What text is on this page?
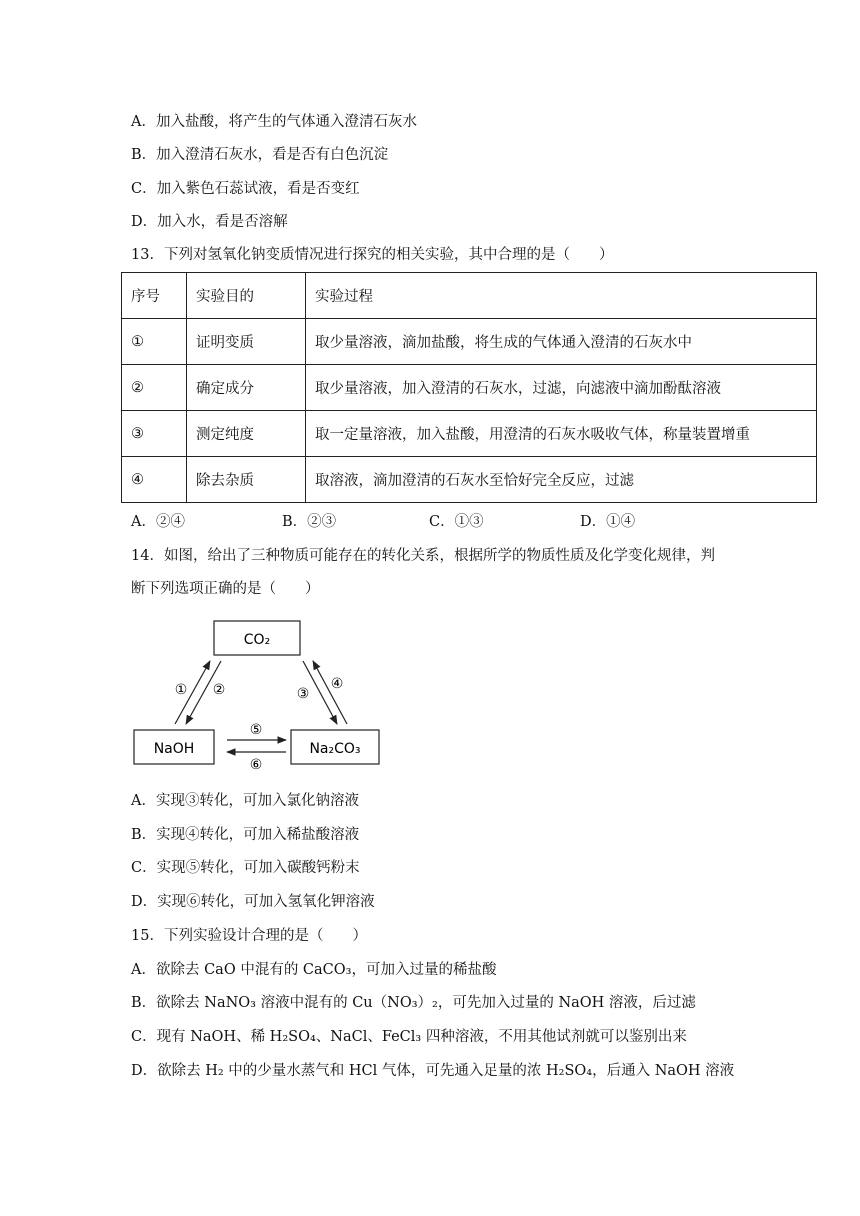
A．加入盐酸，将产生的气体通入澄清石灰水
B．加入澄清石灰水，看是否有白色沉淀
C．加入紫色石蕊试液，看是否变红
D．加入水，看是否溶解
13．下列对氢氧化钠变质情况进行探究的相关实验，其中合理的是（　　）
序号	实验目的	实验过程
①	证明变质	取少量溶液，滴加盐酸，将生成的气体通入澄清的石灰水中
②	确定成分	取少量溶液，加入澄清的石灰水，过滤，向滤液中滴加酚酞溶液
③	测定纯度	取一定量溶液，加入盐酸，用澄清的石灰水吸收气体，称量装置增重
④	除去杂质	取溶液，滴加澄清的石灰水至恰好完全反应，过滤
A．②④	B．②③	C．①③	D．①④
14．如图，给出了三种物质可能存在的转化关系，根据所学的物质性质及化学变化规律，判
断下列选项正确的是（　　）
CO₂
NaOH	Na₂CO₃
① ②	③
④
⑤
⑥
A．实现③转化，可加入氯化钠溶液
B．实现④转化，可加入稀盐酸溶液
C．实现⑤转化，可加入碳酸钙粉末
D．实现⑥转化，可加入氢氧化钾溶液
15．下列实验设计合理的是（　　）
A．欲除去 CaO 中混有的 CaCO₃，可加入过量的稀盐酸
B．欲除去 NaNO₃ 溶液中混有的 Cu（NO₃）₂，可先加入过量的 NaOH 溶液，后过滤
C．现有 NaOH、稀 H₂SO₄、NaCl、FeCl₃ 四种溶液，不用其他试剂就可以鉴别出来
D．欲除去 H₂ 中的少量水蒸气和 HCl 气体，可先通入足量的浓 H₂SO₄，后通入 NaOH 溶液
